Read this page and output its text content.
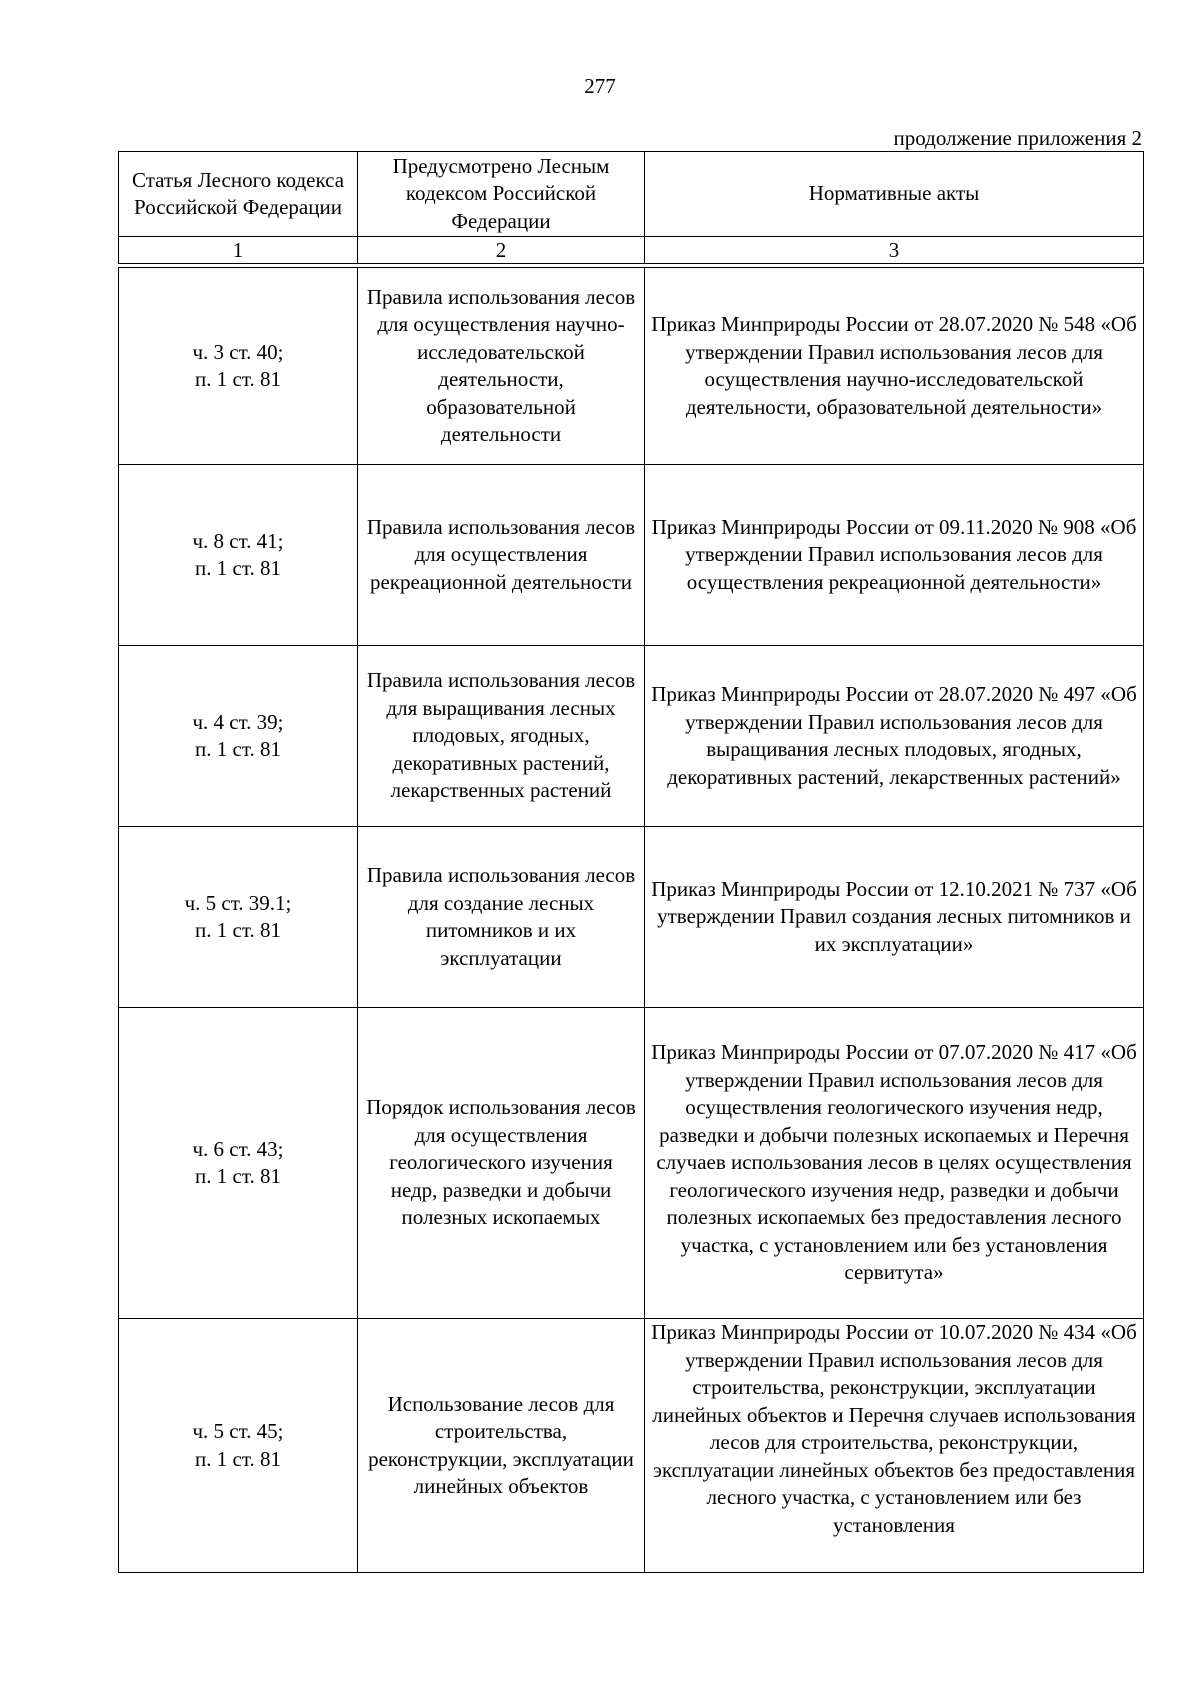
277
продолжение приложения 2
Статья Лесного кодекса Российской Федерации	Предусмотрено Лесным кодексом Российской Федерации	Нормативные акты
1	2	3

ч. 3 ст. 40;
п. 1 ст. 81	Правила использования лесов для осуществления научно-исследовательской деятельности, образовательной деятельности	Приказ Минприроды России от 28.07.2020 № 548 «Об утверждении Правил использования лесов для осуществления научно-исследовательской деятельности, образовательной деятельности»
ч. 8 ст. 41;
п. 1 ст. 81	Правила использования лесов для осуществления рекреационной деятельности	Приказ Минприроды России от 09.11.2020 № 908 «Об утверждении Правил использования лесов для осуществления рекреационной деятельности»
ч. 4 ст. 39;
п. 1 ст. 81	Правила использования лесов для выращивания лесных плодовых, ягодных, декоративных растений, лекарственных растений	Приказ Минприроды России от 28.07.2020 № 497 «Об утверждении Правил использования лесов для выращивания лесных плодовых, ягодных, декоративных растений, лекарственных растений»
ч. 5 ст. 39.1;
п. 1 ст. 81	Правила использования лесов для создание лесных питомников и их эксплуатации	Приказ Минприроды России от 12.10.2021 № 737 «Об утверждении Правил создания лесных питомников и их эксплуатации»
ч. 6 ст. 43;
п. 1 ст. 81	Порядок использования лесов для осуществления геологического изучения недр, разведки и добычи полезных ископаемых	Приказ Минприроды России от 07.07.2020 № 417 «Об утверждении Правил использования лесов для осуществления геологического изучения недр, разведки и добычи полезных ископаемых и Перечня случаев использования лесов в целях осуществления геологического изучения недр, разведки и добычи полезных ископаемых без предоставления лесного участка, с установлением или без установления сервитута»
ч. 5 ст. 45;
п. 1 ст. 81	Использование лесов для строительства, реконструкции, эксплуатации линейных объектов	Приказ Минприроды России от 10.07.2020 № 434 «Об утверждении Правил использования лесов для строительства, реконструкции, эксплуатации линейных объектов и Перечня случаев использования лесов для строительства, реконструкции, эксплуатации линейных объектов без предоставления лесного участка, с установлением или без установления
